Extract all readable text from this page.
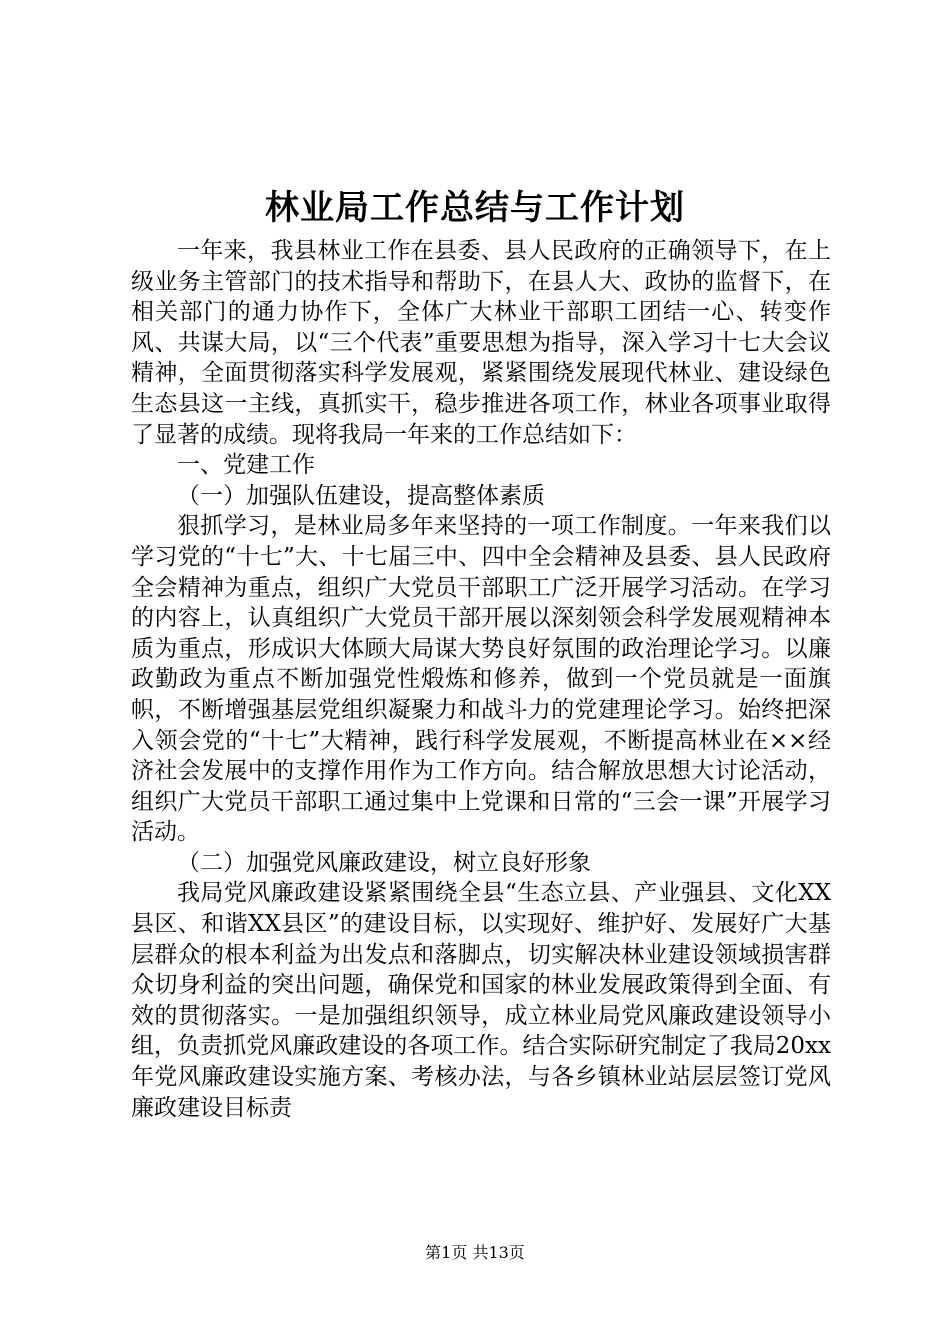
林业局工作总结与工作计划

一年来，我县林业工作在县委、县人民政府的正确领导下，在上级业务主管部门的技术指导和帮助下，在县人大、政协的监督下，在相关部门的通力协作下，全体广大林业干部职工团结一心、转变作风、共谋大局，以“三个代表”重要思想为指导，深入学习十七大会议精神，全面贯彻落实科学发展观，紧紧围绕发展现代林业、建设绿色生态县这一主线，真抓实干，稳步推进各项工作，林业各项事业取得了显著的成绩。现将我局一年来的工作总结如下：

一、党建工作

（一）加强队伍建设，提高整体素质

狠抓学习，是林业局多年来坚持的一项工作制度。一年来我们以学习党的“十七”大、十七届三中、四中全会精神及县委、县人民政府全会精神为重点，组织广大党员干部职工广泛开展学习活动。在学习的内容上，认真组织广大党员干部开展以深刻领会科学发展观精神本质为重点，形成识大体顾大局谋大势良好氛围的政治理论学习。以廉政勤政为重点不断加强党性煅炼和修养，做到一个党员就是一面旗帜，不断增强基层党组织凝聚力和战斗力的党建理论学习。始终把深入领会党的“十七”大精神，践行科学发展观，不断提高林业在××经济社会发展中的支撑作用作为工作方向。结合解放思想大讨论活动，组织广大党员干部职工通过集中上党课和日常的“三会一课”开展学习活动。

（二）加强党风廉政建设，树立良好形象

我局党风廉政建设紧紧围绕全县“生态立县、产业强县、文化XX县区、和谐XX县区”的建设目标，以实现好、维护好、发展好广大基层群众的根本利益为出发点和落脚点，切实解决林业建设领域损害群众切身利益的突出问题，确保党和国家的林业发展政策得到全面、有效的贯彻落实。一是加强组织领导，成立林业局党风廉政建设领导小组，负责抓党风廉政建设的各项工作。结合实际研究制定了我局20xx年党风廉政建设实施方案、考核办法，与各乡镇林业站层层签订党风廉政建设目标责

第1页 共13页
